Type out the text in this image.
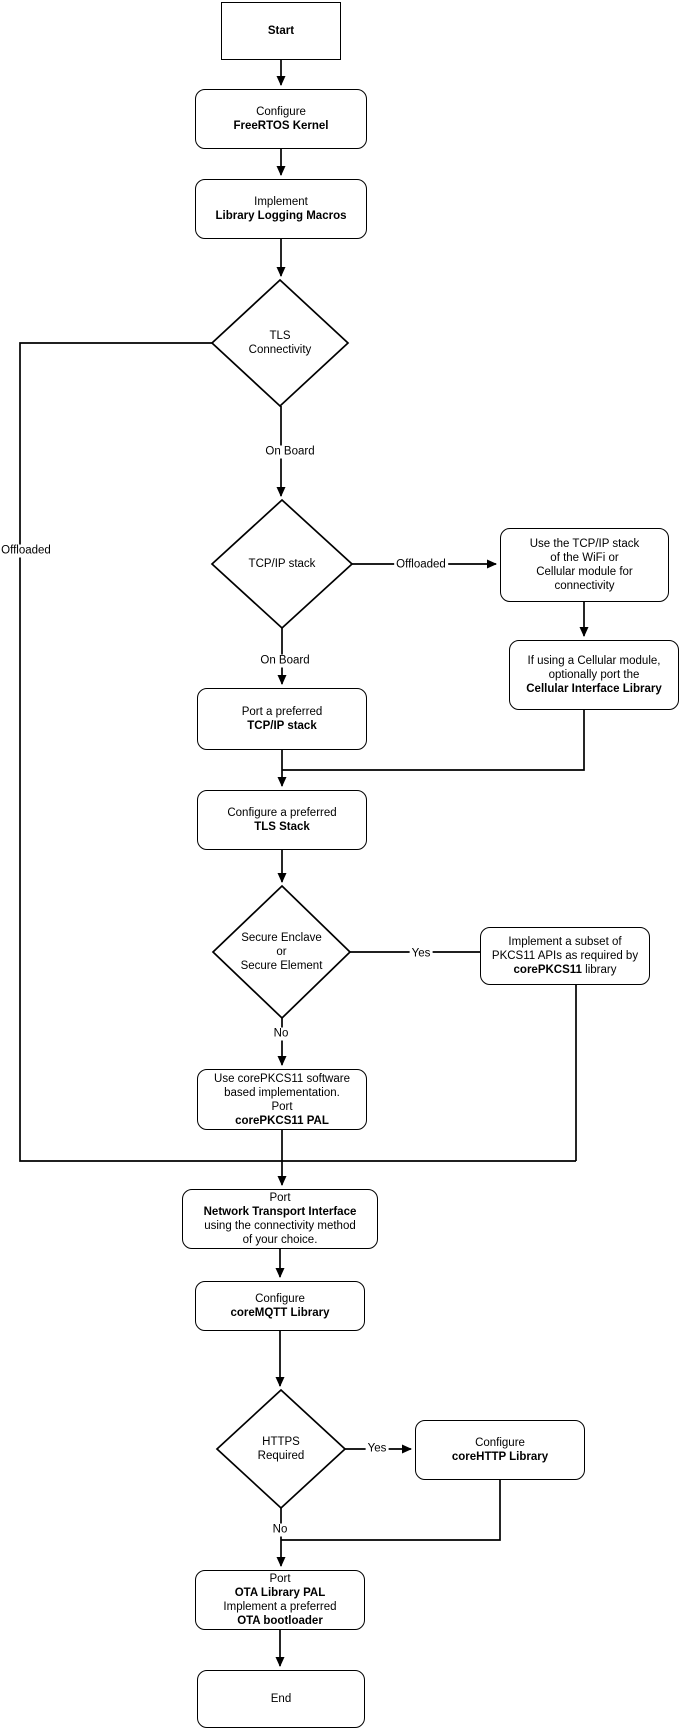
Start
Configure
FreeRTOS Kernel
Implement
Library Logging Macros
TLS
Connectivity
TCP/IP stack
Use the TCP/IP stack
of the WiFi or
Cellular module for
connectivity
If using a Cellular module,
optionally port the
Cellular Interface Library
Port a preferred
TCP/IP stack
Configure a preferred
TLS Stack
Secure Enclave
or
Secure Element
Implement a subset of
PKCS11 APIs as required by
corePKCS11 library
Use corePKCS11 software
based implementation.
Port
corePKCS11 PAL
Port
Network Transport Interface
using the connectivity method
of your choice.
Configure
coreMQTT Library
HTTPS
Required
Configure
coreHTTP Library
Port
OTA Library PAL
Implement a preferred
OTA bootloader
End
On Board
Offloaded
On Board
Offloaded
Yes
No
Yes
No
